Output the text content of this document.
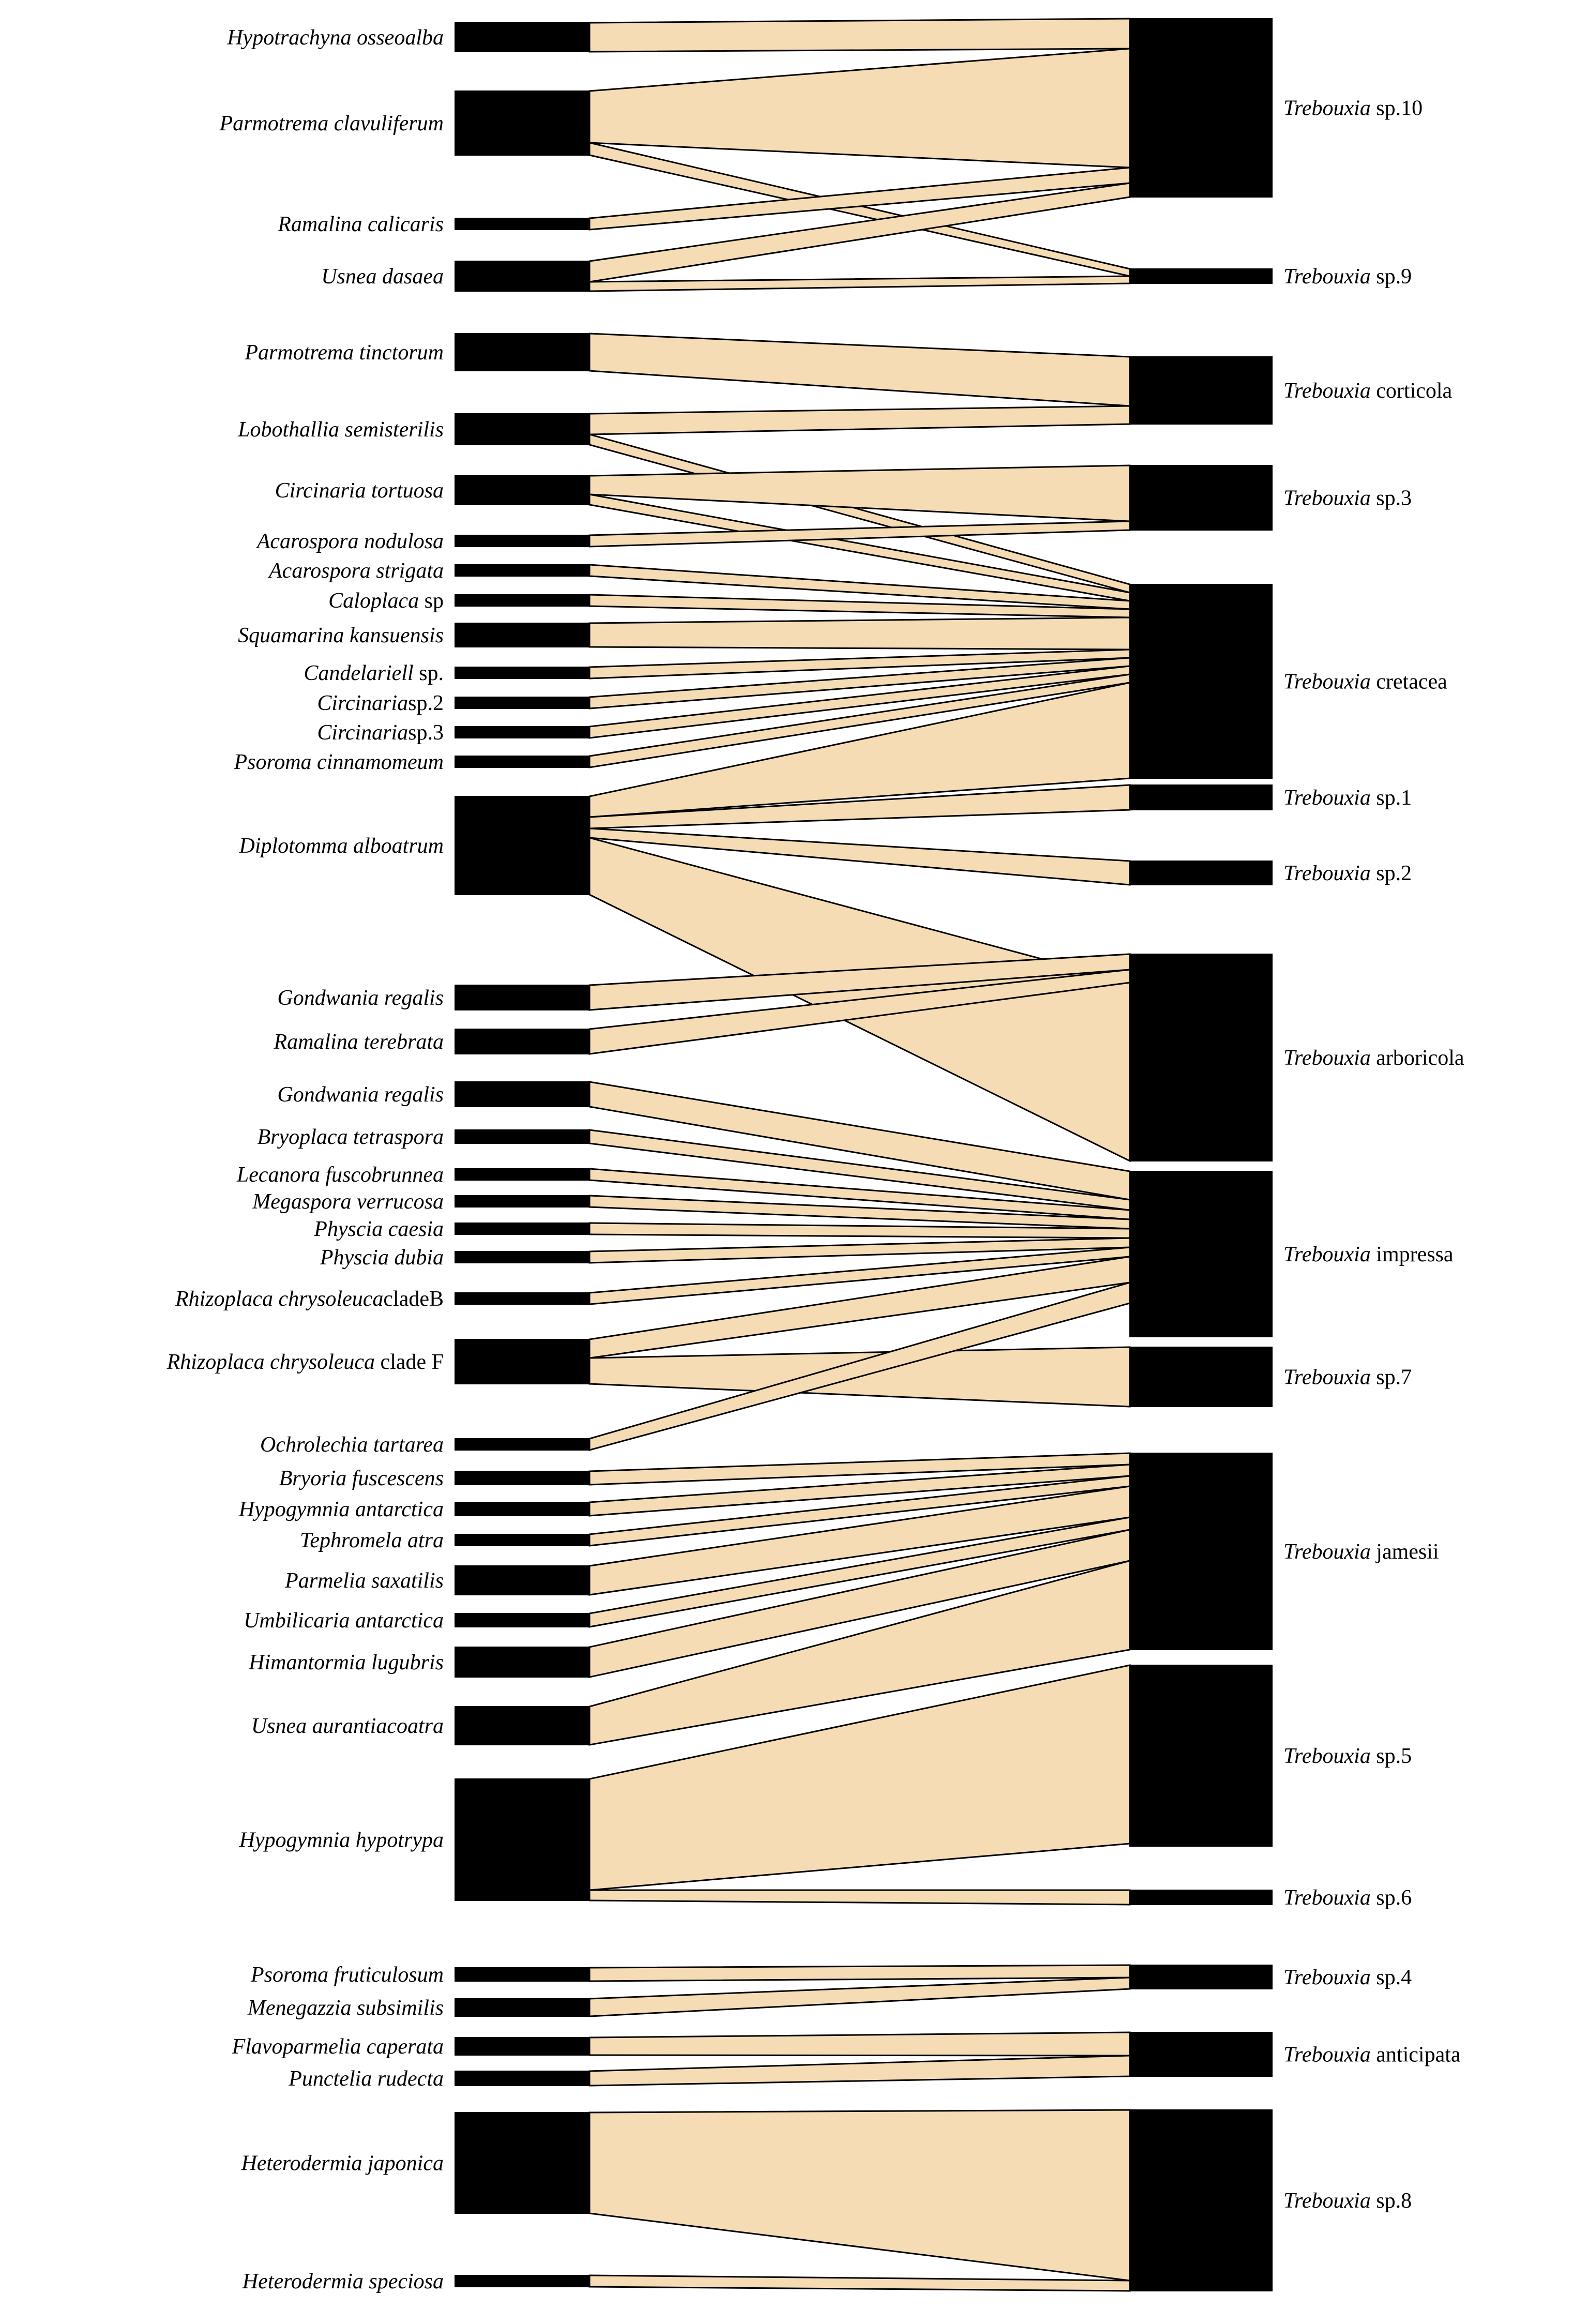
Hypotrachyna osseoalba
Parmotrema clavuliferum
Ramalina calicaris
Usnea dasaea
Parmotrema tinctorum
Lobothallia semisterilis
Circinaria tortuosa
Acarospora nodulosa
Acarospora strigata
Caloplaca sp
Squamarina kansuensis
Candelariell sp.
Circinariasp.2
Circinariasp.3
Psoroma cinnamomeum
Diplotomma alboatrum
Gondwania regalis
Ramalina terebrata
Gondwania regalis
Bryoplaca tetraspora
Lecanora fuscobrunnea
Megaspora verrucosa
Physcia caesia
Physcia dubia
Rhizoplaca chrysoleucacladeB
Rhizoplaca chrysoleuca clade F
Ochrolechia tartarea
Bryoria fuscescens
Hypogymnia antarctica
Tephromela atra
Parmelia saxatilis
Umbilicaria antarctica
Himantormia lugubris
Usnea aurantiacoatra
Hypogymnia hypotrypa
Psoroma fruticulosum
Menegazzia subsimilis
Flavoparmelia caperata
Punctelia rudecta
Heterodermia japonica
Heterodermia speciosa
Trebouxia sp.10
Trebouxia sp.9
Trebouxia corticola
Trebouxia sp.3
Trebouxia cretacea
Trebouxia sp.1
Trebouxia sp.2
Trebouxia arboricola
Trebouxia impressa
Trebouxia sp.7
Trebouxia jamesii
Trebouxia sp.5
Trebouxia sp.6
Trebouxia sp.4
Trebouxia anticipata
Trebouxia sp.8
